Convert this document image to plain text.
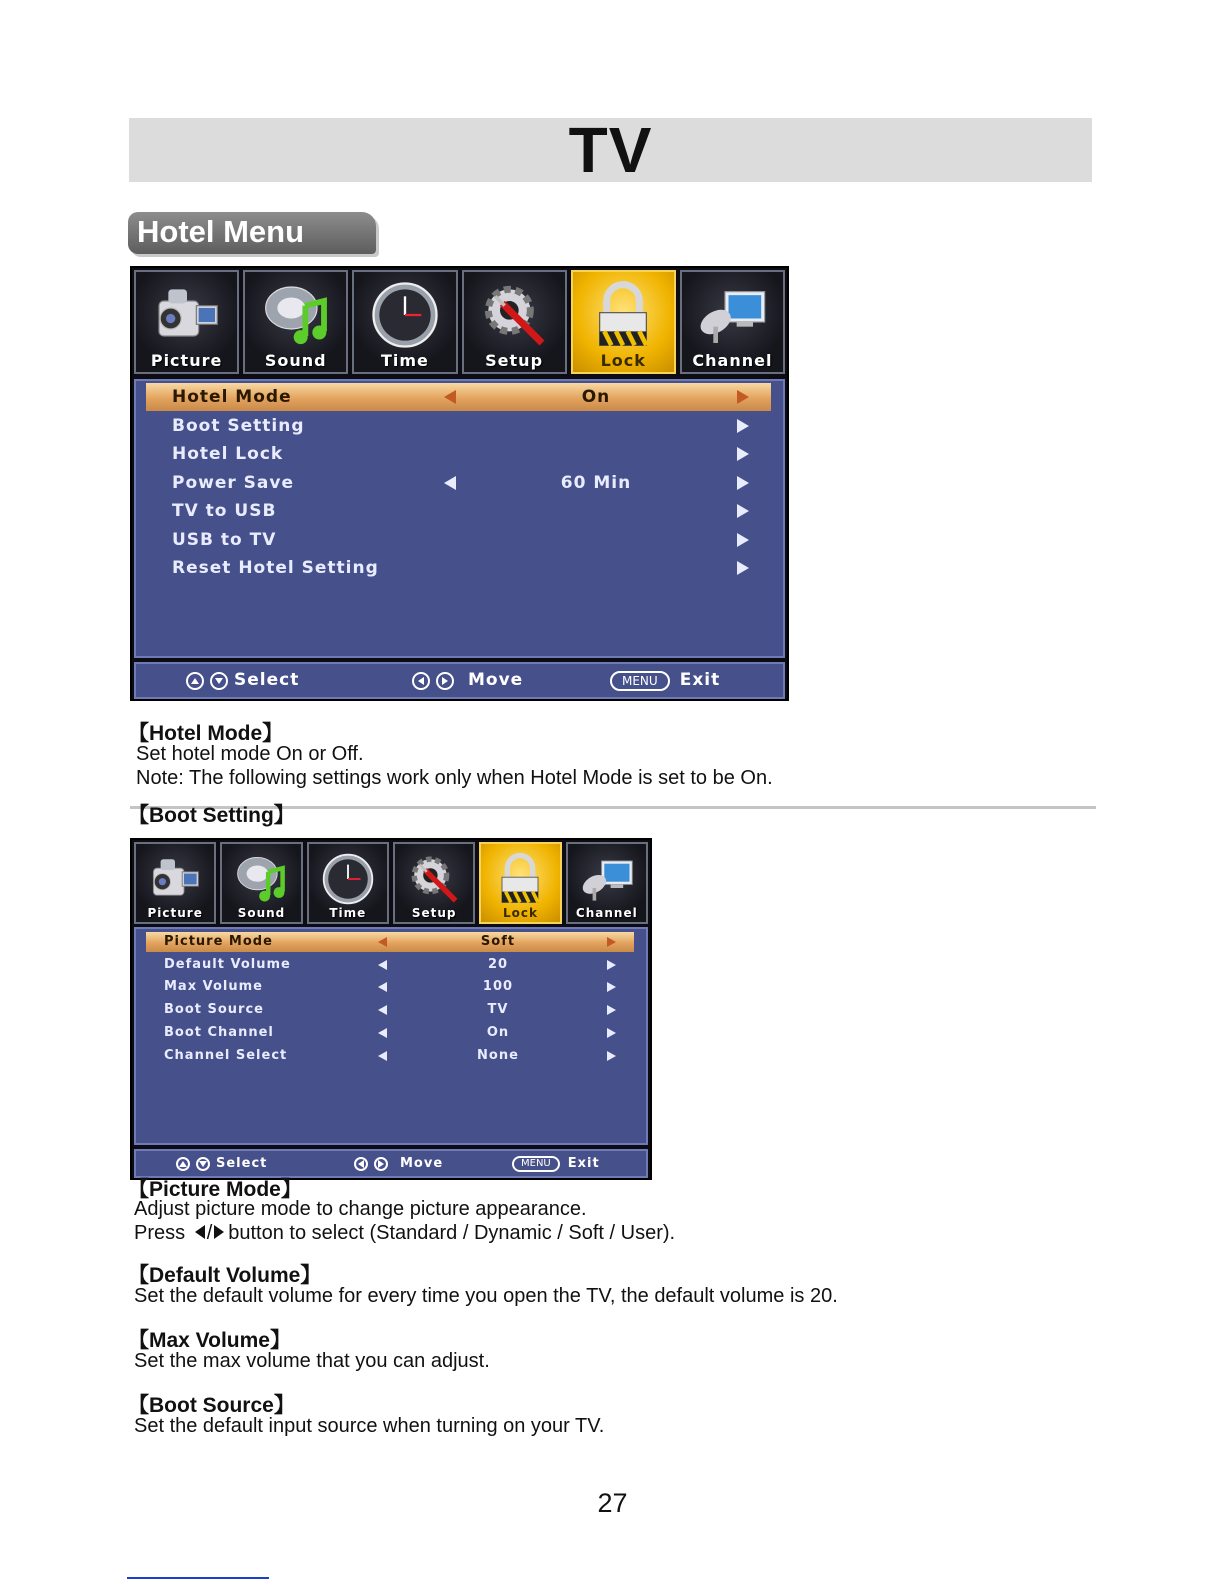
TV
Hotel Menu
Picture	Sound	Time	Setup	Lock	Channel
Hotel Mode	On
Boot Setting
Hotel Lock
Power Save	60 Min
TV to USB
USB to TV
Reset Hotel Setting
Select	Move	MENU	Exit
【Hotel Mode】
Set hotel mode On or Off.
Note: The following settings work only when Hotel Mode is set to be On.
【Boot Setting】
Picture	Sound	Time	Setup	Lock	Channel
Picture Mode	Soft
Default Volume	20
Max Volume	100
Boot Source	TV
Boot Channel	On
Channel Select	None
Select	Move	MENU	Exit
【Picture Mode】
Adjust picture mode to change picture appearance.
Press / button to select (Standard / Dynamic / Soft / User).
【Default Volume】
Set the default volume for every time you open the TV, the default volume is 20.
【Max Volume】
Set the max volume that you can adjust.
【Boot Source】
Set the default input source when turning on your TV.
27
